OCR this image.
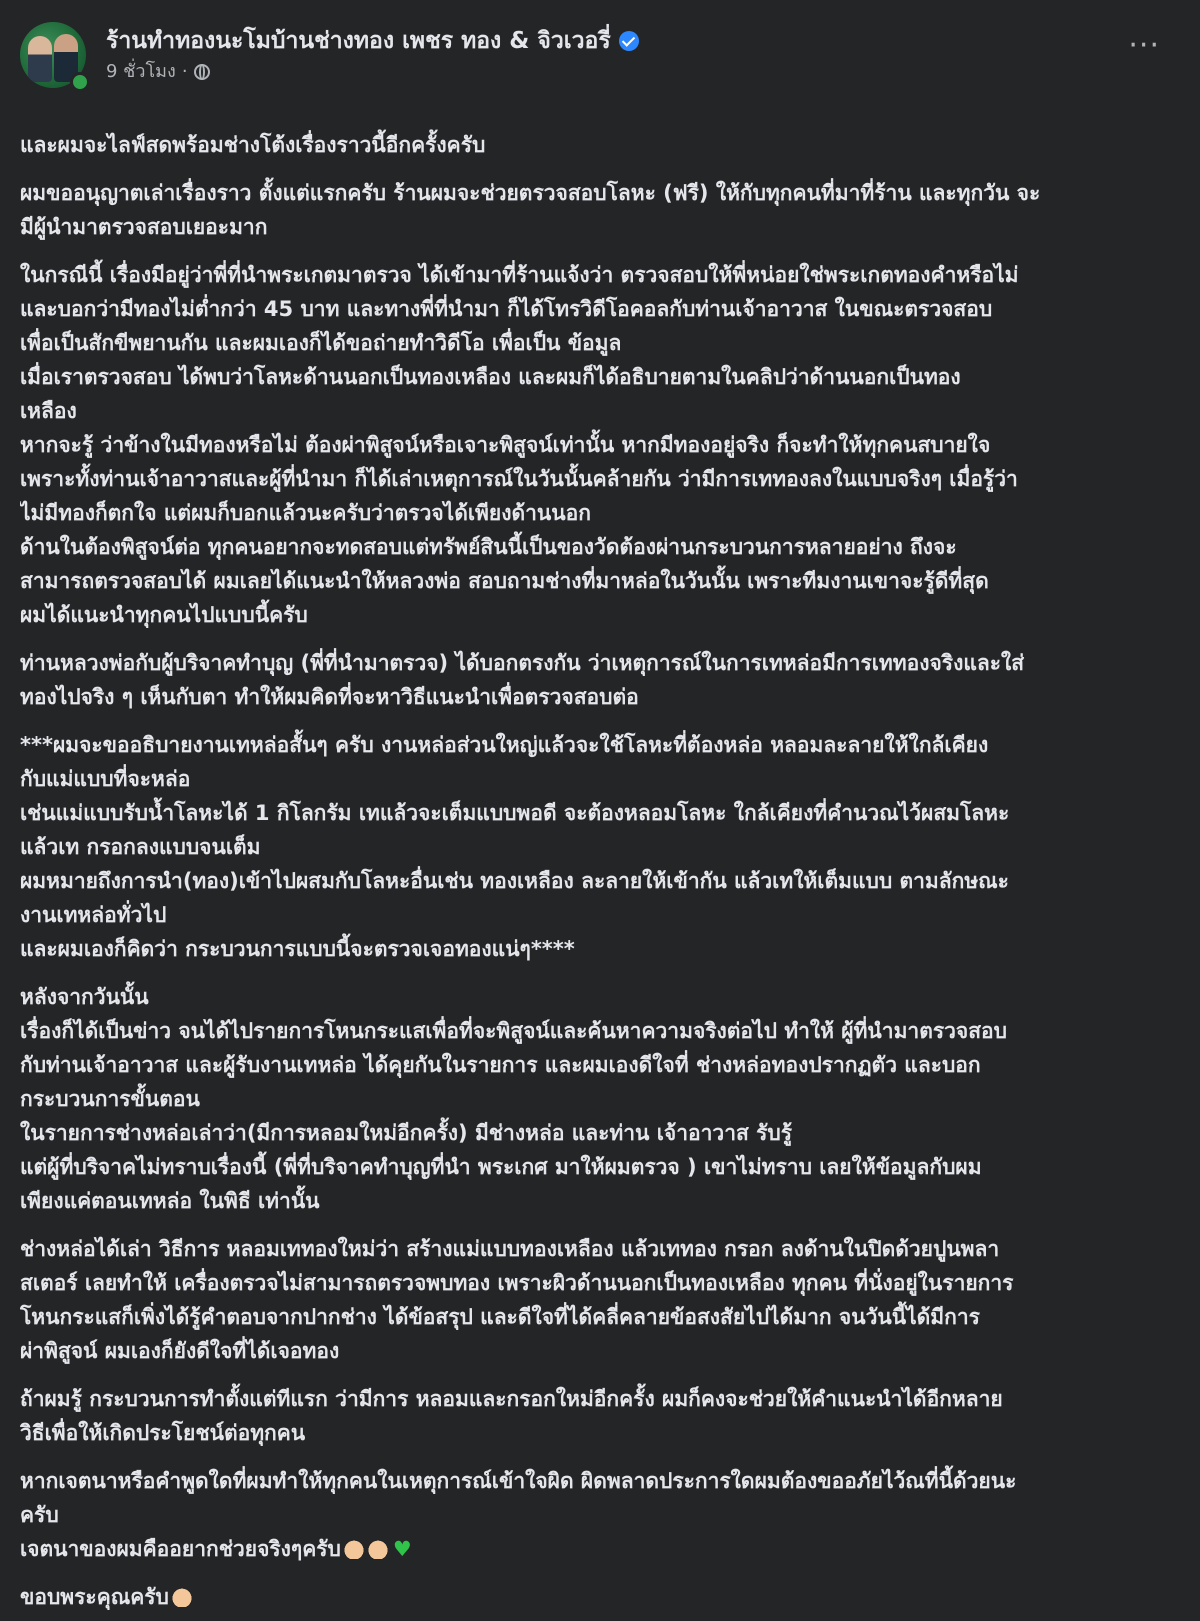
ร้านทำทองนะโมบ้านช่างทอง เพชร ทอง & จิวเวอรี่
9 ชั่วโมง ·
···
และผมจะไลฟ์สดพร้อมช่างโต้งเรื่องราวนี้อีกครั้งครับ
ผมขออนุญาตเล่าเรื่องราว ตั้งแต่แรกครับ ร้านผมจะช่วยตรวจสอบโลหะ (ฟรี) ให้กับทุกคนที่มาที่ร้าน และทุกวัน จะ
มีผู้นำมาตรวจสอบเยอะมาก
ในกรณีนี้ เรื่องมีอยู่ว่าพี่ที่นำพระเกตมาตรวจ ได้เข้ามาที่ร้านแจ้งว่า ตรวจสอบให้พี่หน่อยใช่พระเกตทองคำหรือไม่
และบอกว่ามีทองไม่ต่ำกว่า 45 บาท และทางพี่ที่นำมา ก็ได้โทรวิดีโอคอลกับท่านเจ้าอาวาส ในขณะตรวจสอบ
เพื่อเป็นสักขีพยานกัน และผมเองก็ได้ขอถ่ายทำวิดีโอ เพื่อเป็น ข้อมูล
เมื่อเราตรวจสอบ ได้พบว่าโลหะด้านนอกเป็นทองเหลือง และผมก็ได้อธิบายตามในคลิปว่าด้านนอกเป็นทอง
เหลือง
หากจะรู้ ว่าข้างในมีทองหรือไม่ ต้องผ่าพิสูจน์หรือเจาะพิสูจน์เท่านั้น หากมีทองอยู่จริง ก็จะทำให้ทุกคนสบายใจ
เพราะทั้งท่านเจ้าอาวาสและผู้ที่นำมา ก็ได้เล่าเหตุการณ์ในวันนั้นคล้ายกัน ว่ามีการเททองลงในแบบจริงๆ เมื่อรู้ว่า
ไม่มีทองก็ตกใจ แต่ผมก็บอกแล้วนะครับว่าตรวจได้เพียงด้านนอก
ด้านในต้องพิสูจน์ต่อ ทุกคนอยากจะทดสอบแต่ทรัพย์สินนี้เป็นของวัดต้องผ่านกระบวนการหลายอย่าง ถึงจะ
สามารถตรวจสอบได้ ผมเลยได้แนะนำให้หลวงพ่อ สอบถามช่างที่มาหล่อในวันนั้น เพราะทีมงานเขาจะรู้ดีที่สุด
ผมได้แนะนำทุกคนไปแบบนี้ครับ
ท่านหลวงพ่อกับผู้บริจาคทำบุญ (พี่ที่นำมาตรวจ) ได้บอกตรงกัน ว่าเหตุการณ์ในการเทหล่อมีการเททองจริงและใส่
ทองไปจริง ๆ เห็นกับตา ทำให้ผมคิดที่จะหาวิธีแนะนำเพื่อตรวจสอบต่อ
***ผมจะขออธิบายงานเทหล่อสั้นๆ ครับ งานหล่อส่วนใหญ่แล้วจะใช้โลหะที่ต้องหล่อ หลอมละลายให้ใกล้เคียง
กับแม่แบบที่จะหล่อ
เช่นแม่แบบรับน้ำโลหะได้ 1 กิโลกรัม เทแล้วจะเต็มแบบพอดี จะต้องหลอมโลหะ ใกล้เคียงที่คำนวณไว้ผสมโลหะ
แล้วเท กรอกลงแบบจนเต็ม
ผมหมายถึงการนำ(ทอง)เข้าไปผสมกับโลหะอื่นเช่น ทองเหลือง ละลายให้เข้ากัน แล้วเทให้เต็มแบบ ตามลักษณะ
งานเทหล่อทั่วไป
และผมเองก็คิดว่า กระบวนการแบบนี้จะตรวจเจอทองแน่ๆ****
หลังจากวันนั้น
เรื่องก็ได้เป็นข่าว จนได้ไปรายการโหนกระแสเพื่อที่จะพิสูจน์และค้นหาความจริงต่อไป ทำให้ ผู้ที่นำมาตรวจสอบ
กับท่านเจ้าอาวาส และผู้รับงานเทหล่อ ได้คุยกันในรายการ และผมเองดีใจที่ ช่างหล่อทองปรากฏตัว และบอก
กระบวนการขั้นตอน
ในรายการช่างหล่อเล่าว่า(มีการหลอมใหม่อีกครั้ง) มีช่างหล่อ และท่าน เจ้าอาวาส รับรู้
แต่ผู้ที่บริจาคไม่ทราบเรื่องนี้ (พี่ที่บริจาคทำบุญที่นำ พระเกศ มาให้ผมตรวจ ) เขาไม่ทราบ เลยให้ข้อมูลกับผม
เพียงแค่ตอนเทหล่อ ในพิธี เท่านั้น
ช่างหล่อได้เล่า วิธีการ หลอมเททองใหม่ว่า สร้างแม่แบบทองเหลือง แล้วเททอง กรอก ลงด้านในปิดด้วยปูนพลา
สเตอร์ เลยทำให้ เครื่องตรวจไม่สามารถตรวจพบทอง เพราะผิวด้านนอกเป็นทองเหลือง ทุกคน ที่นั่งอยู่ในรายการ
โหนกระแสก็เพิ่งได้รู้คำตอบจากปากช่าง ได้ข้อสรุป และดีใจที่ได้คลี่คลายข้อสงสัยไปได้มาก จนวันนี้ได้มีการ
ผ่าพิสูจน์ ผมเองก็ยังดีใจที่ได้เจอทอง
ถ้าผมรู้ กระบวนการทำตั้งแต่ทีแรก ว่ามีการ หลอมและกรอกใหม่อีกครั้ง ผมก็คงจะช่วยให้คำแนะนำได้อีกหลาย
วิธีเพื่อให้เกิดประโยชน์ต่อทุกคน
หากเจตนาหรือคำพูดใดที่ผมทำให้ทุกคนในเหตุการณ์เข้าใจผิด ผิดพลาดประการใดผมต้องขออภัยไว้ณที่นี้ด้วยนะ
ครับ
เจตนาของผมคืออยากช่วยจริงๆครับ ♥
ขอบพระคุณครับ
